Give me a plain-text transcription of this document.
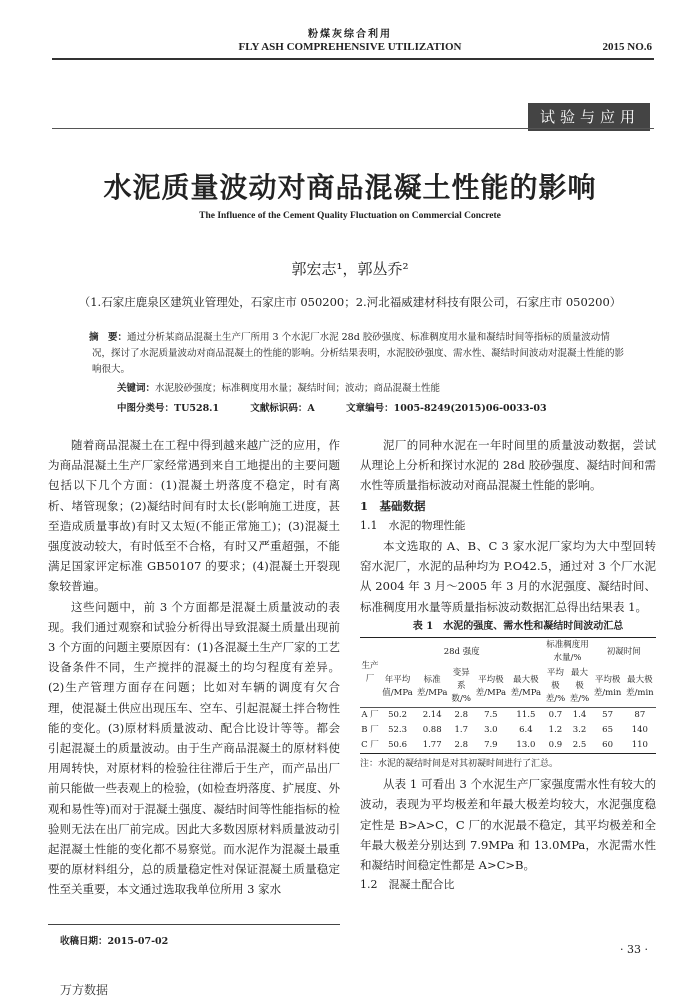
粉煤灰综合利用
FLY ASH COMPREHENSIVE UTILIZATION	2015 NO.6
试验与应用
水泥质量波动对商品混凝土性能的影响
The Influence of the Cement Quality Fluctuation on Commercial Concrete
郭宏志¹，郭丛乔²
（1.石家庄鹿泉区建筑业管理处，石家庄市 050200；2.河北福威建材科技有限公司，石家庄市 050200）
摘　要：通过分析某商品混凝土生产厂所用 3 个水泥厂水泥 28d 胶砂强度、标准稠度用水量和凝结时间等指标的质量波动情况，探讨了水泥质量波动对商品混凝土的性能的影响。分析结果表明，水泥胶砂强度、需水性、凝结时间波动对混凝土性能的影响很大。
关键词：水泥胶砂强度；标准稠度用水量；凝结时间；波动；商品混凝土性能
中图分类号：TU528.1	文献标识码：A	文章编号：1005-8249(2015)06-0033-03

随着商品混凝土在工程中得到越来越广泛的应用，作为商品混凝土生产厂家经常遇到来自工地提出的主要问题包括以下几个方面：(1)混凝土坍落度不稳定，时有离析、堵管现象；(2)凝结时间有时太长(影响施工进度，甚至造成质量事故)有时又太短(不能正常施工)；(3)混凝土强度波动较大，有时低至不合格，有时又严重超强，不能满足国家评定标准 GB50107 的要求；(4)混凝土开裂现象较普遍。

这些问题中，前 3 个方面都是混凝土质量波动的表现。我们通过观察和试验分析得出导致混凝土质量出现前 3 个方面的问题主要原因有：(1)各混凝土生产厂家的工艺设备条件不同，生产搅拌的混凝土的均匀程度有差异。(2)生产管理方面存在问题；比如对车辆的调度有欠合理，使混凝土供应出现压车、空车、引起混凝土拌合物性能的变化。(3)原材料质量波动、配合比设计等等。都会引起混凝土的质量波动。由于生产商品混凝土的原材料使用周转快，对原材料的检验往往滞后于生产，而产品出厂前只能做一些表观上的检验，(如检查坍落度、扩展度、外观和易性等)而对于混凝土强度、凝结时间等性能指标的检验则无法在出厂前完成。因此大多数因原材料质量波动引起混凝土性能的变化都不易察觉。而水泥作为混凝土最重要的原材料组分，总的质量稳定性对保证混凝土质量稳定性至关重要，本文通过选取我单位所用 3 家水

泥厂的同种水泥在一年时间里的质量波动数据，尝试从理论上分析和探讨水泥的 28d 胶砂强度、凝结时间和需水性等质量指标波动对商品混凝土性能的影响。

1　基础数据

1.1　水泥的物理性能

本文选取的 A、B、C 3 家水泥厂家均为大中型回转窑水泥厂，水泥的品种均为 P.O42.5，通过对 3 个厂水泥从 2004 年 3 月～2005 年 3 月的水泥强度、凝结时间、标准稠度用水量等质量指标波动数据汇总得出结果表 1。

表 1　水泥的强度、需水性和凝结时间波动汇总

生产厂	28d 强度					标准稠度用水量/%		初凝时间	
	年平均值/MPa	标准差/MPa	变异系数/%	平均极差/MPa	最大极差/MPa	平均极差/%	最大极差/%	平均极差/min	最大极差/min
A 厂	50.2	2.14	2.8	7.5	11.5	0.7	1.4	57	87
B 厂	52.3	0.88	1.7	3.0	6.4	1.2	3.2	65	140
C 厂	50.6	1.77	2.8	7.9	13.0	0.9	2.5	60	110

注：水泥的凝结时间是对其初凝时间进行了汇总。

从表 1 可看出 3 个水泥生产厂家强度需水性有较大的波动，表现为平均极差和年最大极差均较大，水泥强度稳定性是 B>A>C，C 厂的水泥最不稳定，其平均极差和全年最大极差分别达到 7.9MPa 和 13.0MPa，水泥需水性和凝结时间稳定性都是 A>C>B。

1.2　混凝土配合比

收稿日期：2015-07-02
· 33 ·
万方数据
